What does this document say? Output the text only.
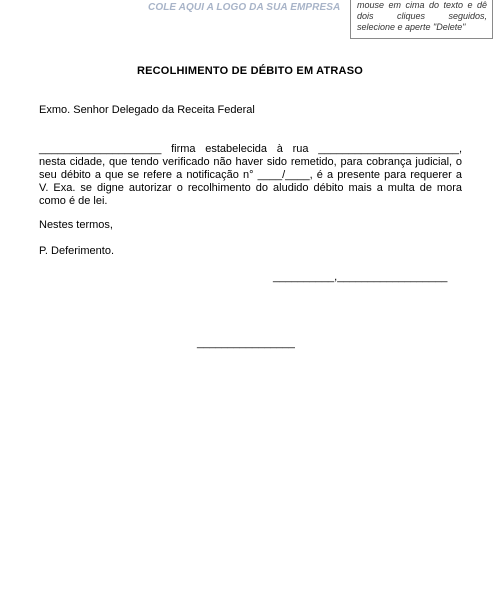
COLE AQUI A LOGO DA SUA EMPRESA mouse em cima do texto e dê
dois cliques seguidos,
selecione e aperte "Delete"
RECOLHIMENTO DE DÉBITO EM ATRASO
Exmo. Senhor Delegado da Receita Federal
____________________ firma estabelecida à rua _______________________,
nesta cidade, que tendo verificado não haver sido remetido, para cobrança judicial, o
seu débito a que se refere a notificação n° ____/____, é a presente para requerer a
V. Exa. se digne autorizar o recolhimento do aludido débito mais a multa de mora
como é de lei.
Nestes termos,
P. Deferimento.
__________,__________________
________________
